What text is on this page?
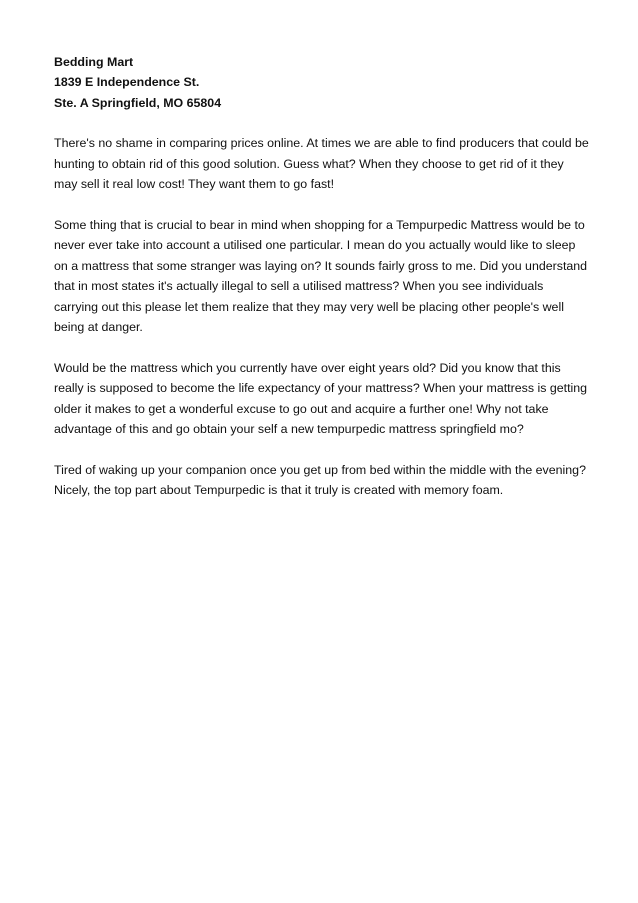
Bedding Mart
1839 E Independence St.
Ste. A Springfield, MO 65804

There's no shame in comparing prices online. At times we are able to find producers that could be hunting to obtain rid of this good solution. Guess what? When they choose to get rid of it they may sell it real low cost! They want them to go fast!

Some thing that is crucial to bear in mind when shopping for a Tempurpedic Mattress would be to never ever take into account a utilised one particular. I mean do you actually would like to sleep on a mattress that some stranger was laying on? It sounds fairly gross to me. Did you understand that in most states it's actually illegal to sell a utilised mattress? When you see individuals carrying out this please let them realize that they may very well be placing other people's well being at danger.

Would be the mattress which you currently have over eight years old? Did you know that this really is supposed to become the life expectancy of your mattress? When your mattress is getting older it makes to get a wonderful excuse to go out and acquire a further one! Why not take advantage of this and go obtain your self a new tempurpedic mattress springfield mo?

Tired of waking up your companion once you get up from bed within the middle with the evening? Nicely, the top part about Tempurpedic is that it truly is created with memory foam.
